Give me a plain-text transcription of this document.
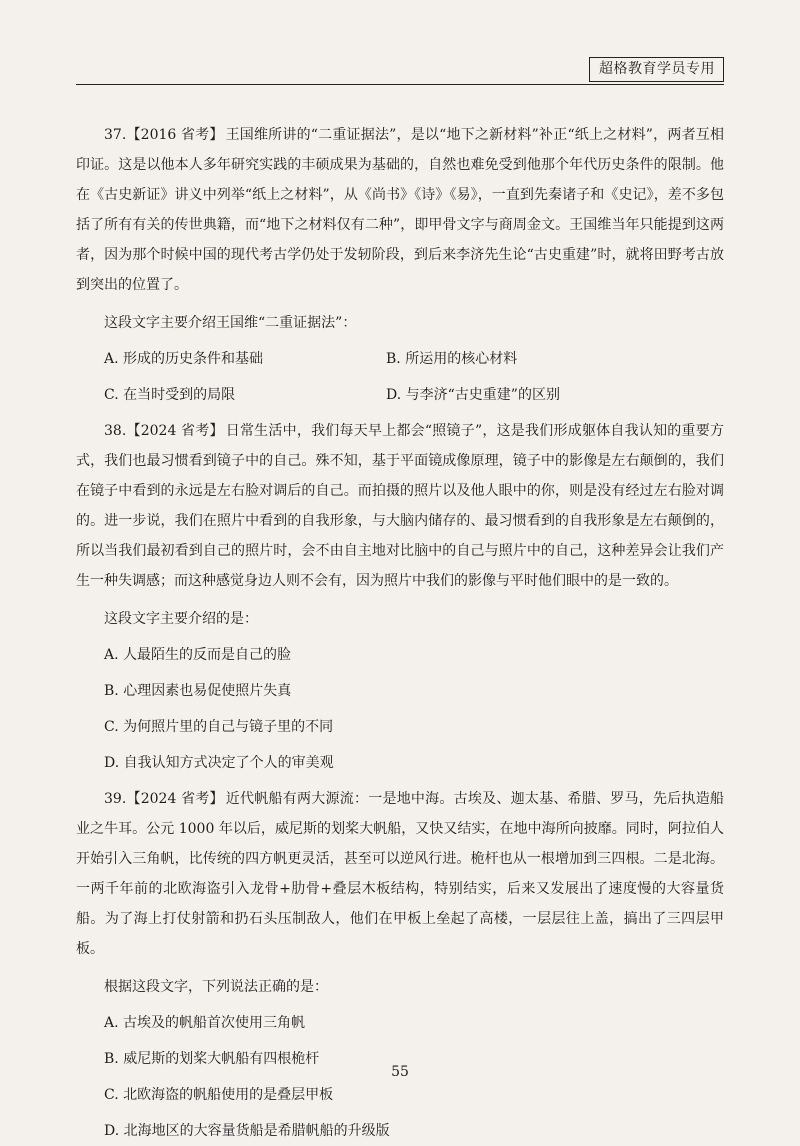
超格教育学员专用

37.【2016 省考】 王国维所讲的“二重证据法”，是以“地下之新材料”补正“纸上之材料”，两者互相印证。这是以他本人多年研究实践的丰硕成果为基础的，自然也难免受到他那个年代历史条件的限制。他在《古史新证》讲义中列举“纸上之材料”，从《尚书》《诗》《易》，一直到先秦诸子和《史记》，差不多包括了所有有关的传世典籍，而“地下之材料仅有二种”，即甲骨文字与商周金文。王国维当年只能提到这两者，因为那个时候中国的现代考古学仍处于发轫阶段，到后来李济先生论“古史重建”时，就将田野考古放到突出的位置了。

这段文字主要介绍王国维“二重证据法”：

A. 形成的历史条件和基础	B. 所运用的核心材料
C. 在当时受到的局限	D. 与李济“古史重建”的区别

38.【2024 省考】 日常生活中，我们每天早上都会“照镜子”，这是我们形成躯体自我认知的重要方式，我们也最习惯看到镜子中的自己。殊不知，基于平面镜成像原理，镜子中的影像是左右颠倒的，我们在镜子中看到的永远是左右脸对调后的自己。而拍摄的照片以及他人眼中的你，则是没有经过左右脸对调的。进一步说，我们在照片中看到的自我形象，与大脑内储存的、最习惯看到的自我形象是左右颠倒的，所以当我们最初看到自己的照片时，会不由自主地对比脑中的自己与照片中的自己，这种差异会让我们产生一种失调感；而这种感觉身边人则不会有，因为照片中我们的影像与平时他们眼中的是一致的。

这段文字主要介绍的是：

A. 人最陌生的反而是自己的脸

B. 心理因素也易促使照片失真

C. 为何照片里的自己与镜子里的不同

D. 自我认知方式决定了个人的审美观

39.【2024 省考】 近代帆船有两大源流：一是地中海。古埃及、迦太基、希腊、罗马，先后执造船业之牛耳。公元 1000 年以后，威尼斯的划桨大帆船，又快又结实，在地中海所向披靡。同时，阿拉伯人开始引入三角帆，比传统的四方帆更灵活，甚至可以逆风行进。桅杆也从一根增加到三四根。二是北海。一两千年前的北欧海盗引入龙骨+肋骨+叠层木板结构，特别结实，后来又发展出了速度慢的大容量货船。为了海上打仗射箭和扔石头压制敌人，他们在甲板上垒起了高楼，一层层往上盖，搞出了三四层甲板。

根据这段文字，下列说法正确的是：

A. 古埃及的帆船首次使用三角帆

B. 威尼斯的划桨大帆船有四根桅杆

C. 北欧海盗的帆船使用的是叠层甲板

D. 北海地区的大容量货船是希腊帆船的升级版

55
